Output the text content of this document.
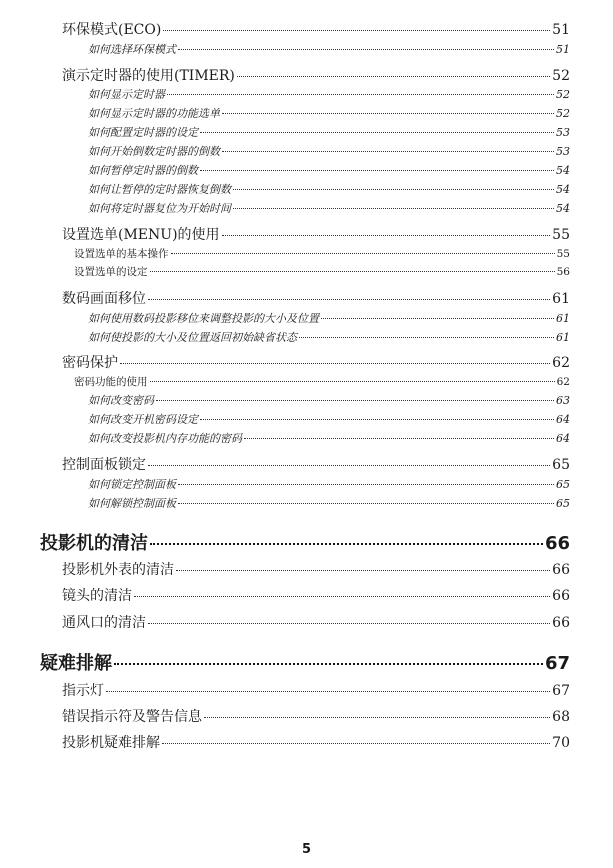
环保模式(ECO)	51
如何选择环保模式	51
演示定时器的使用(TIMER)	52
如何显示定时器	52
如何显示定时器的功能选单	52
如何配置定时器的设定	53
如何开始倒数定时器的倒数	53
如何暂停定时器的倒数	54
如何让暂停的定时器恢复倒数	54
如何将定时器复位为开始时间	54
设置选单(MENU)的使用	55
设置选单的基本操作	55
设置选单的设定	56
数码画面移位	61
如何使用数码投影移位来调整投影的大小及位置	61
如何使投影的大小及位置返回初始缺省状态	61
密码保护	62
密码功能的使用	62
如何改变密码	63
如何改变开机密码设定	64
如何改变投影机内存功能的密码	64
控制面板锁定	65
如何锁定控制面板	65
如何解锁控制面板	65
投影机的清洁	66
投影机外表的清洁	66
镜头的清洁	66
通风口的清洁	66
疑难排解	67
指示灯	67
错误指示符及警告信息	68
投影机疑难排解	70
5
